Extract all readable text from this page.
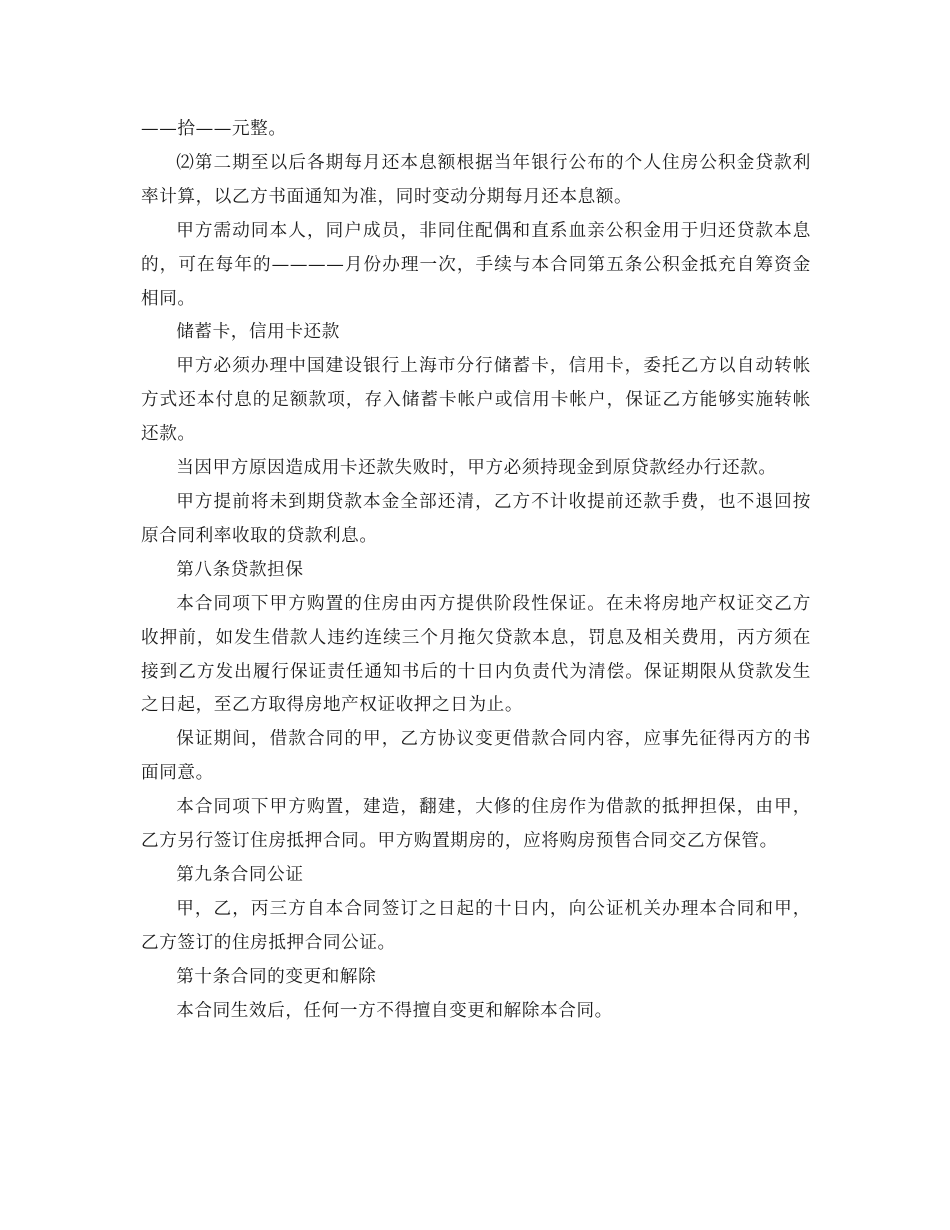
——拾——元整。

⑵第二期至以后各期每月还本息额根据当年银行公布的个人住房公积金贷款利率计算，以乙方书面通知为准，同时变动分期每月还本息额。

甲方需动同本人，同户成员，非同住配偶和直系血亲公积金用于归还贷款本息的，可在每年的————月份办理一次，手续与本合同第五条公积金抵充自筹资金相同。

储蓄卡，信用卡还款

甲方必须办理中国建设银行上海市分行储蓄卡，信用卡，委托乙方以自动转帐方式还本付息的足额款项，存入储蓄卡帐户或信用卡帐户，保证乙方能够实施转帐还款。

当因甲方原因造成用卡还款失败时，甲方必须持现金到原贷款经办行还款。

甲方提前将未到期贷款本金全部还清，乙方不计收提前还款手费，也不退回按原合同利率收取的贷款利息。

第八条贷款担保

本合同项下甲方购置的住房由丙方提供阶段性保证。在未将房地产权证交乙方收押前，如发生借款人违约连续三个月拖欠贷款本息，罚息及相关费用，丙方须在接到乙方发出履行保证责任通知书后的十日内负责代为清偿。保证期限从贷款发生之日起，至乙方取得房地产权证收押之日为止。

保证期间，借款合同的甲，乙方协议变更借款合同内容，应事先征得丙方的书面同意。

本合同项下甲方购置，建造，翻建，大修的住房作为借款的抵押担保，由甲，乙方另行签订住房抵押合同。甲方购置期房的，应将购房预售合同交乙方保管。

第九条合同公证

甲，乙，丙三方自本合同签订之日起的十日内，向公证机关办理本合同和甲，乙方签订的住房抵押合同公证。

第十条合同的变更和解除

本合同生效后，任何一方不得擅自变更和解除本合同。
